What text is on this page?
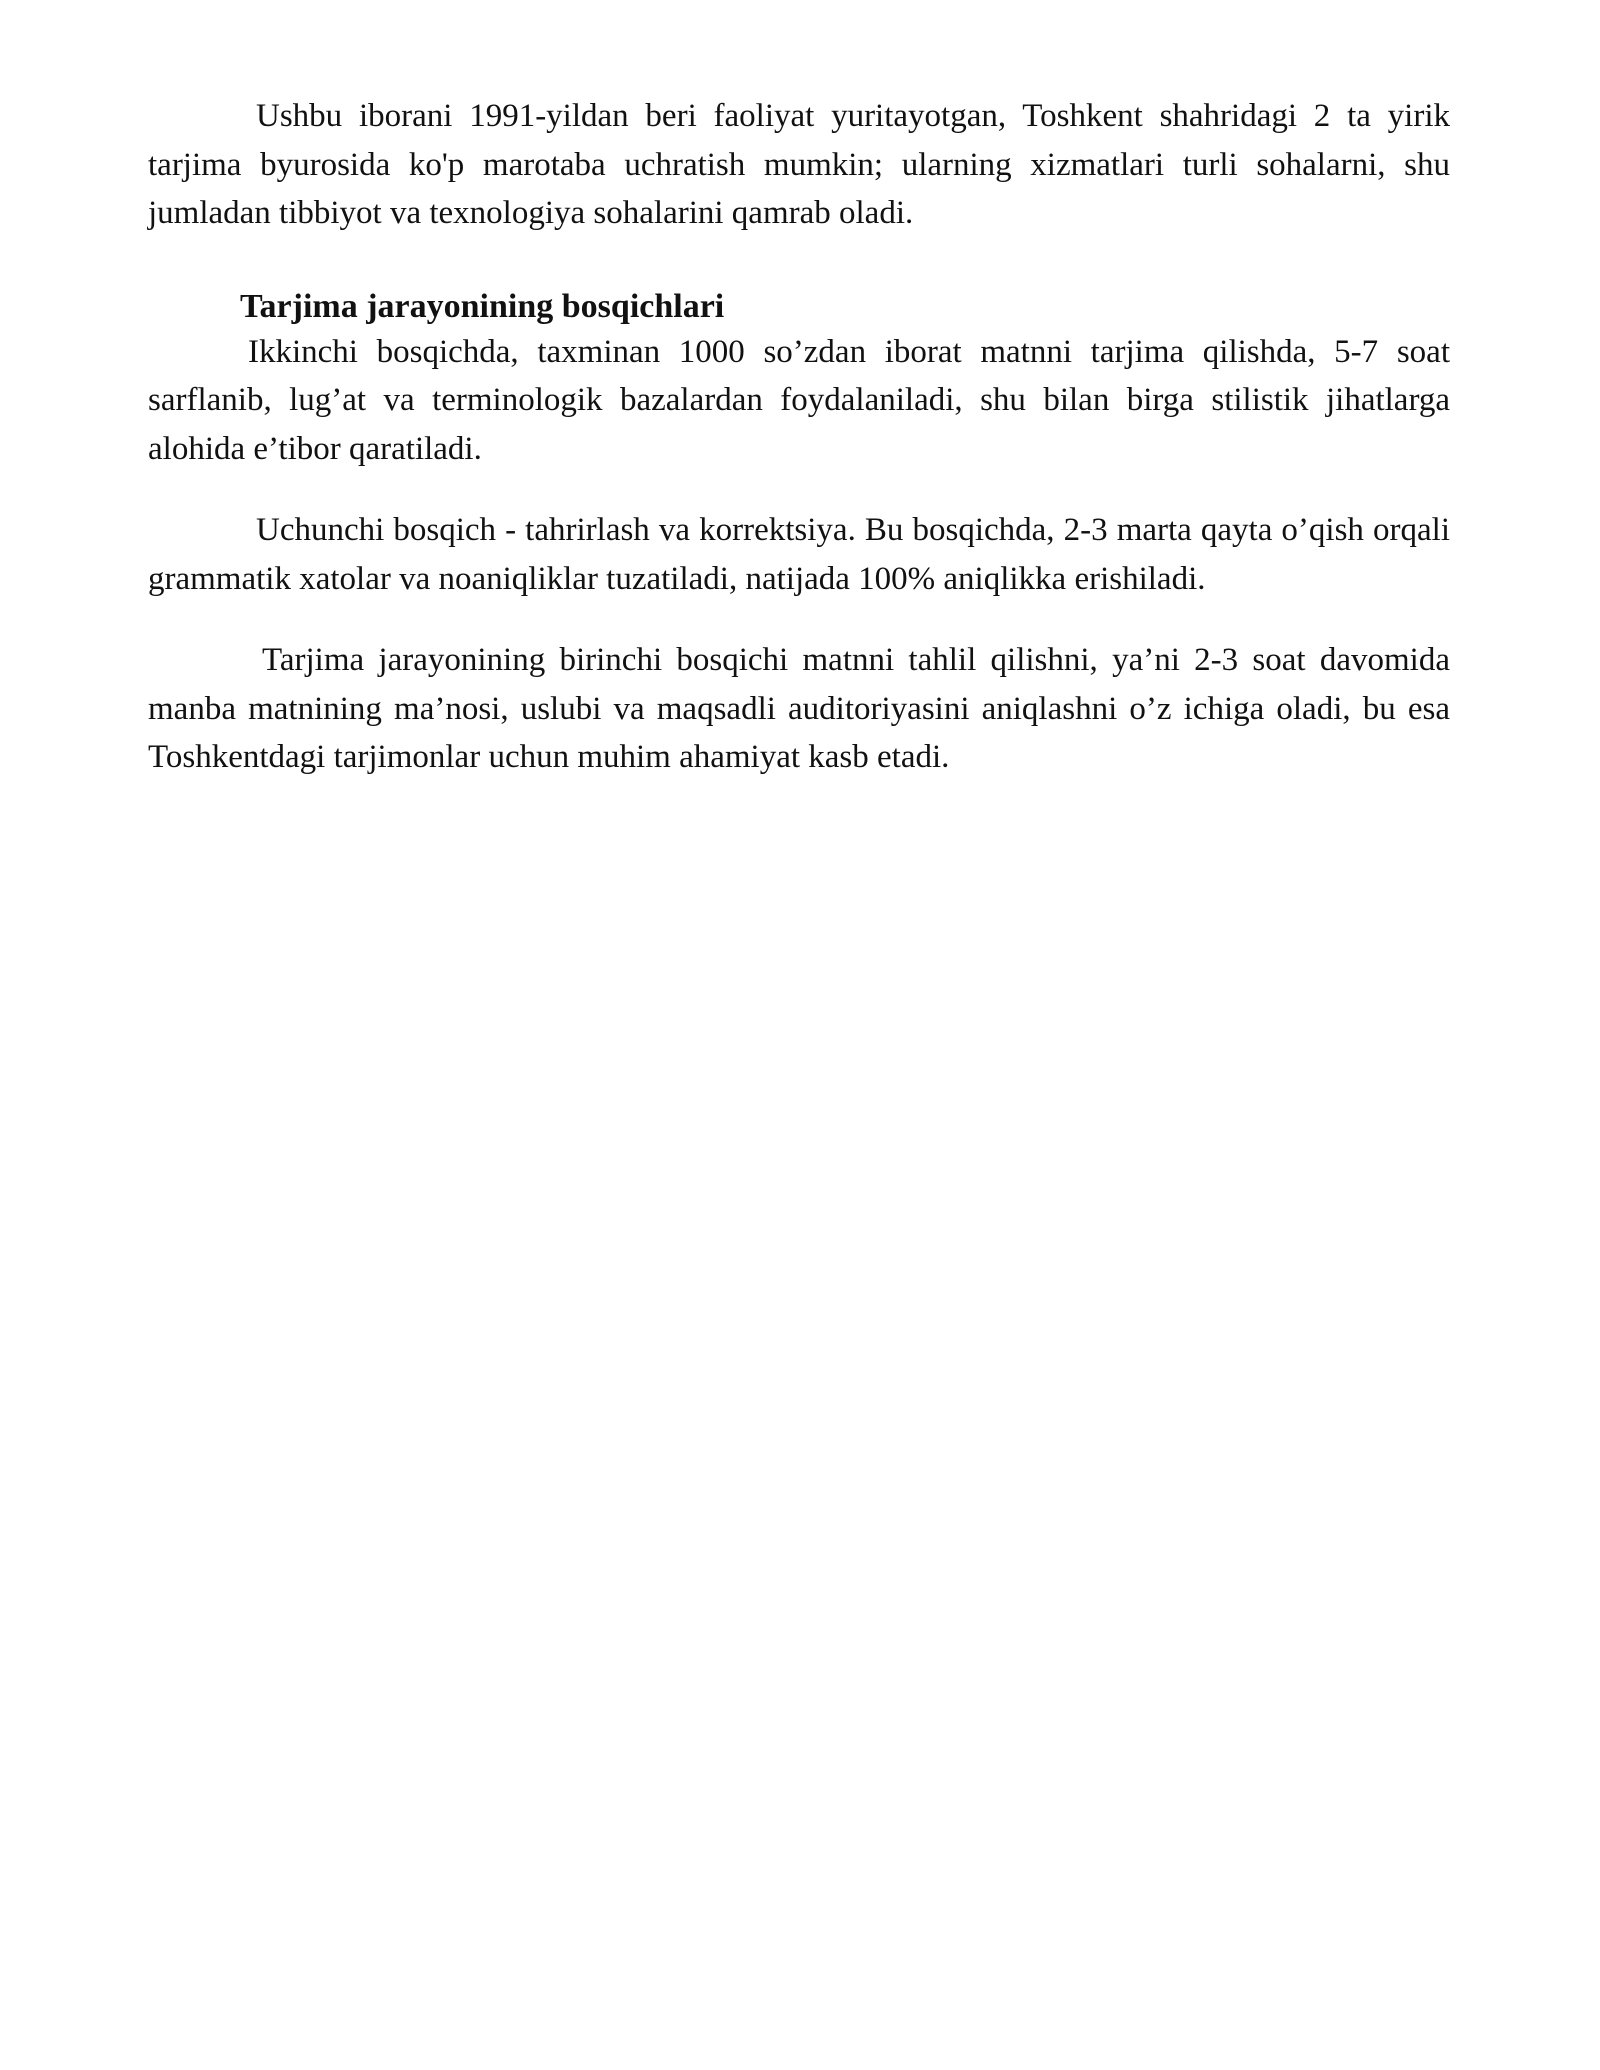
Ushbu iborani 1991-yildan beri faoliyat yuritayotgan, Toshkent shahridagi 2 ta yirik tarjima byurosida ko'p marotaba uchratish mumkin; ularning xizmatlari turli sohalarni, shu jumladan tibbiyot va texnologiya sohalarini qamrab oladi.

Tarjima jarayonining bosqichlari

Ikkinchi bosqichda, taxminan 1000 so’zdan iborat matnni tarjima qilishda, 5-7 soat sarflanib, lug’at va terminologik bazalardan foydalaniladi, shu bilan birga stilistik jihatlarga alohida e’tibor qaratiladi.

Uchunchi bosqich - tahrirlash va korrektsiya. Bu bosqichda, 2-3 marta qayta o’qish orqali grammatik xatolar va noaniqliklar tuzatiladi, natijada 100% aniqlikka erishiladi.

Tarjima jarayonining birinchi bosqichi matnni tahlil qilishni, ya’ni 2-3 soat davomida manba matnining ma’nosi, uslubi va maqsadli auditoriyasini aniqlashni o’z ichiga oladi, bu esa Toshkentdagi tarjimonlar uchun muhim ahamiyat kasb etadi.
